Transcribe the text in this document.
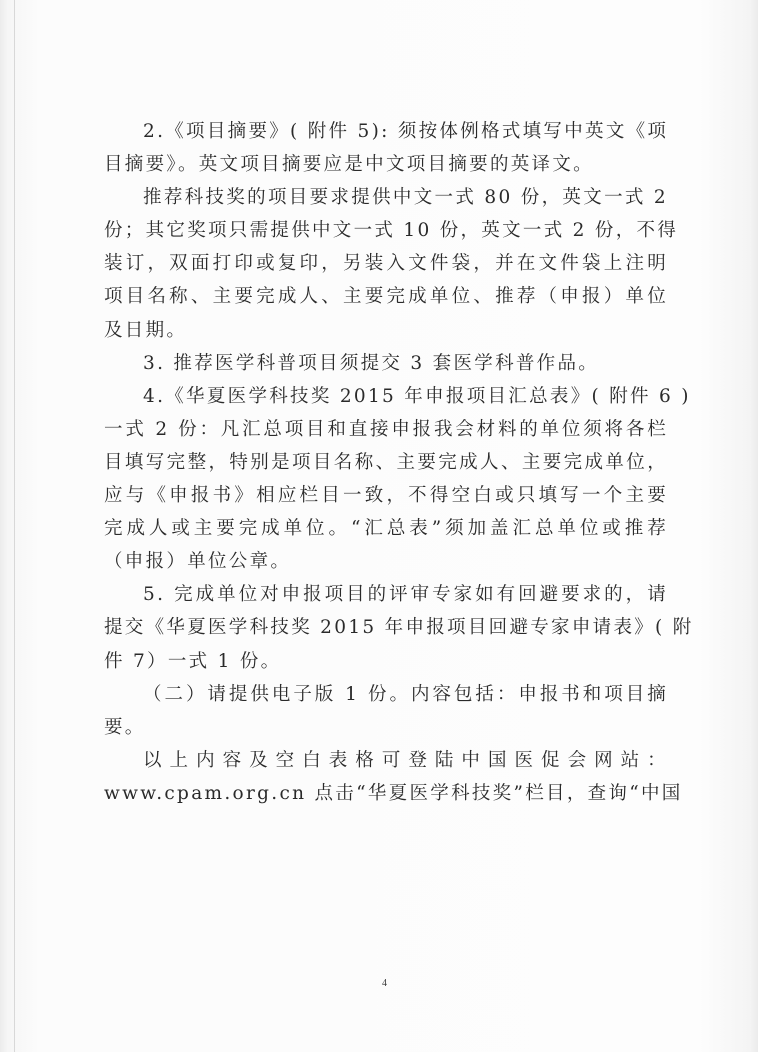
2.《项目摘要》( 附件 5): 须按体例格式填写中英文《项
目摘要》。英文项目摘要应是中文项目摘要的英译文。
推荐科技奖的项目要求提供中文一式 80 份，英文一式 2
份；其它奖项只需提供中文一式 10 份，英文一式 2 份，不得
装订，双面打印或复印，另装入文件袋，并在文件袋上注明
项目名称、主要完成人、主要完成单位、推荐（申报）单位
及日期。
3. 推荐医学科普项目须提交 3 套医学科普作品。
4.《华夏医学科技奖 2015 年申报项目汇总表》( 附件 6 )
一式 2 份：凡汇总项目和直接申报我会材料的单位须将各栏
目填写完整，特别是项目名称、主要完成人、主要完成单位，
应与《申报书》相应栏目一致，不得空白或只填写一个主要
完成人或主要完成单位。“汇总表”须加盖汇总单位或推荐
（申报）单位公章。
5. 完成单位对申报项目的评审专家如有回避要求的，请
提交《华夏医学科技奖 2015 年申报项目回避专家申请表》( 附
件 7）一式 1 份。
（二）请提供电子版 1 份。内容包括：申报书和项目摘
要。
以上内容及空白表格可登陆中国医促会网站：
www.cpam.org.cn 点击“华夏医学科技奖”栏目，查询“中国
4
